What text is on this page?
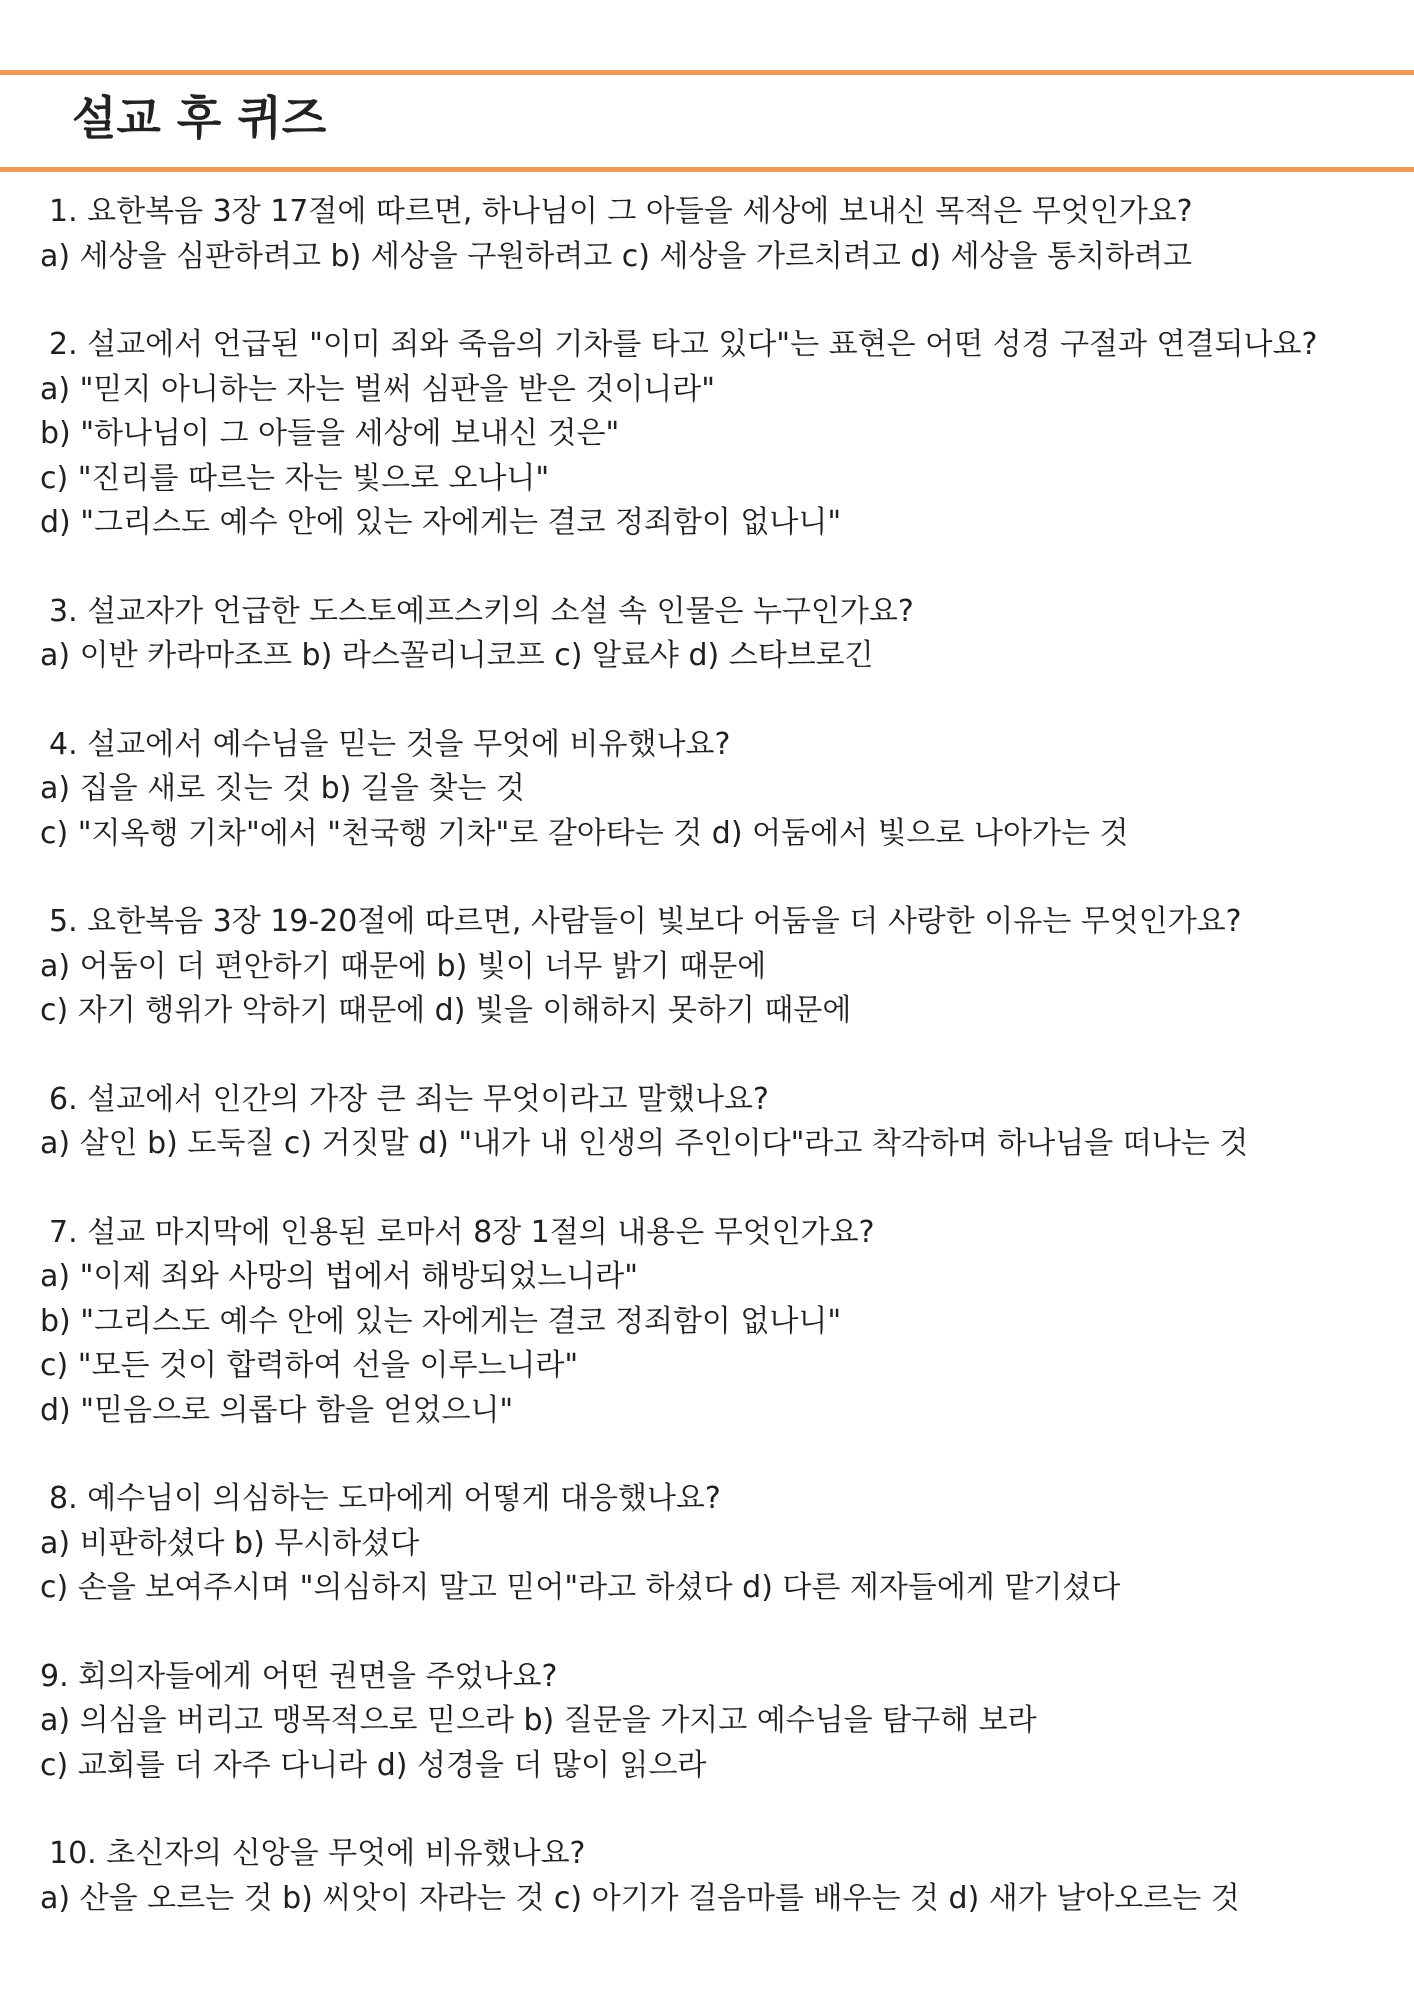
설교 후 퀴즈

1. 요한복음 3장 17절에 따르면, 하나님이 그 아들을 세상에 보내신 목적은 무엇인가요?

a) 세상을 심판하려고 b) 세상을 구원하려고 c) 세상을 가르치려고 d) 세상을 통치하려고

2. 설교에서 언급된 "이미 죄와 죽음의 기차를 타고 있다"는 표현은 어떤 성경 구절과 연결되나요?

a) "믿지 아니하는 자는 벌써 심판을 받은 것이니라"

b) "하나님이 그 아들을 세상에 보내신 것은"

c) "진리를 따르는 자는 빛으로 오나니"

d) "그리스도 예수 안에 있는 자에게는 결코 정죄함이 없나니"

3. 설교자가 언급한 도스토예프스키의 소설 속 인물은 누구인가요?

a) 이반 카라마조프 b) 라스꼴리니코프 c) 알료샤 d) 스타브로긴

4. 설교에서 예수님을 믿는 것을 무엇에 비유했나요?

a) 집을 새로 짓는 것 b) 길을 찾는 것

c) "지옥행 기차"에서 "천국행 기차"로 갈아타는 것 d) 어둠에서 빛으로 나아가는 것

5. 요한복음 3장 19-20절에 따르면, 사람들이 빛보다 어둠을 더 사랑한 이유는 무엇인가요?

a) 어둠이 더 편안하기 때문에 b) 빛이 너무 밝기 때문에

c) 자기 행위가 악하기 때문에 d) 빛을 이해하지 못하기 때문에

6. 설교에서 인간의 가장 큰 죄는 무엇이라고 말했나요?

a) 살인 b) 도둑질 c) 거짓말 d) "내가 내 인생의 주인이다"라고 착각하며 하나님을 떠나는 것

7. 설교 마지막에 인용된 로마서 8장 1절의 내용은 무엇인가요?

a) "이제 죄와 사망의 법에서 해방되었느니라"

b) "그리스도 예수 안에 있는 자에게는 결코 정죄함이 없나니"

c) "모든 것이 합력하여 선을 이루느니라"

d) "믿음으로 의롭다 함을 얻었으니"

8. 예수님이 의심하는 도마에게 어떻게 대응했나요?

a) 비판하셨다 b) 무시하셨다

c) 손을 보여주시며 "의심하지 말고 믿어"라고 하셨다 d) 다른 제자들에게 맡기셨다

9. 회의자들에게 어떤 권면을 주었나요?

a) 의심을 버리고 맹목적으로 믿으라 b) 질문을 가지고 예수님을 탐구해 보라

c) 교회를 더 자주 다니라 d) 성경을 더 많이 읽으라

10. 초신자의 신앙을 무엇에 비유했나요?

a) 산을 오르는 것 b) 씨앗이 자라는 것 c) 아기가 걸음마를 배우는 것 d) 새가 날아오르는 것
